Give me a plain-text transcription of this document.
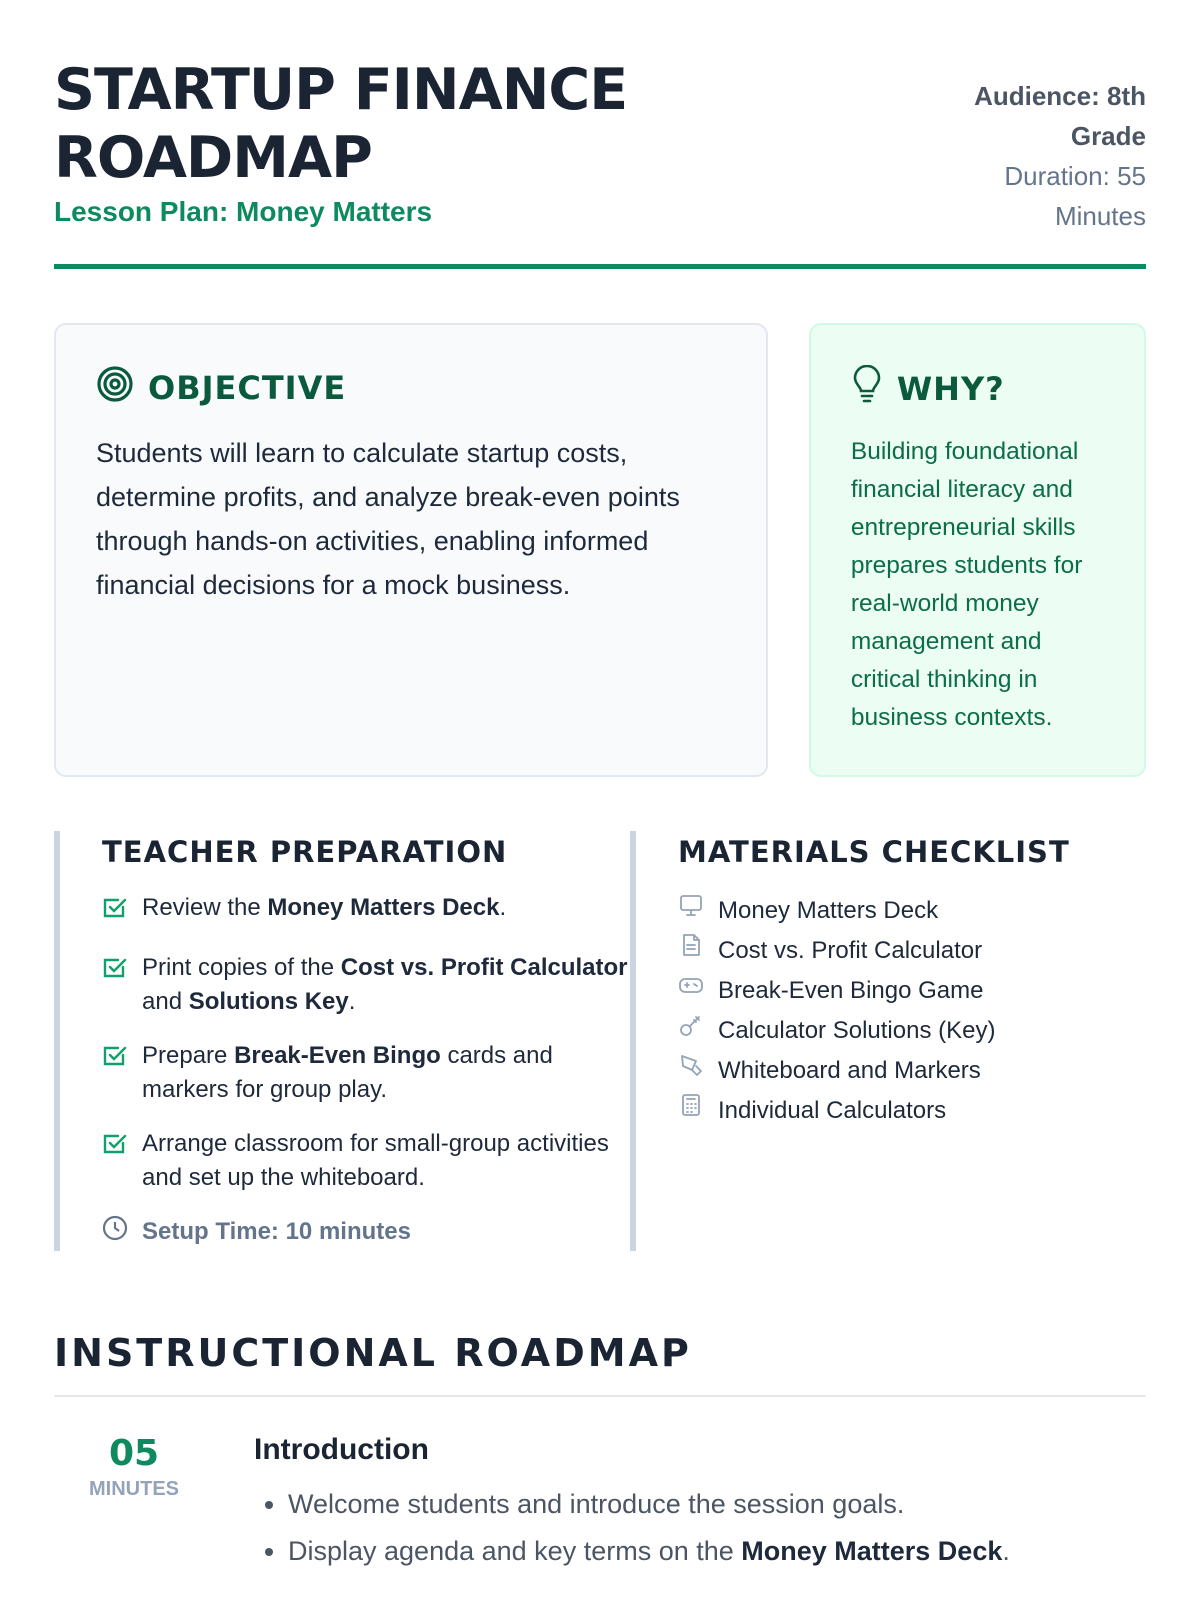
STARTUP FINANCE ROADMAP
Lesson Plan: Money Matters
Audience: 8th Grade
Duration: 55 Minutes
OBJECTIVE

Students will learn to calculate startup costs, determine profits, and analyze break-even points through hands-on activities, enabling informed financial decisions for a mock business.

WHY?

Building foundational financial literacy and entrepreneurial skills prepares students for real-world money management and critical thinking in business contexts.

TEACHER PREPARATION
Review the Money Matters Deck.
Print copies of the Cost vs. Profit Calculator and Solutions Key.
Prepare Break-Even Bingo cards and markers for group play.
Arrange classroom for small-group activities and set up the whiteboard.
Setup Time: 10 minutes
MATERIALS CHECKLIST
Money Matters Deck
Cost vs. Profit Calculator
Break-Even Bingo Game
Calculator Solutions (Key)
Whiteboard and Markers
Individual Calculators
INSTRUCTIONAL ROADMAP
05
MINUTES
Introduction
• Welcome students and introduce the session goals.
• Display agenda and key terms on the Money Matters Deck.
